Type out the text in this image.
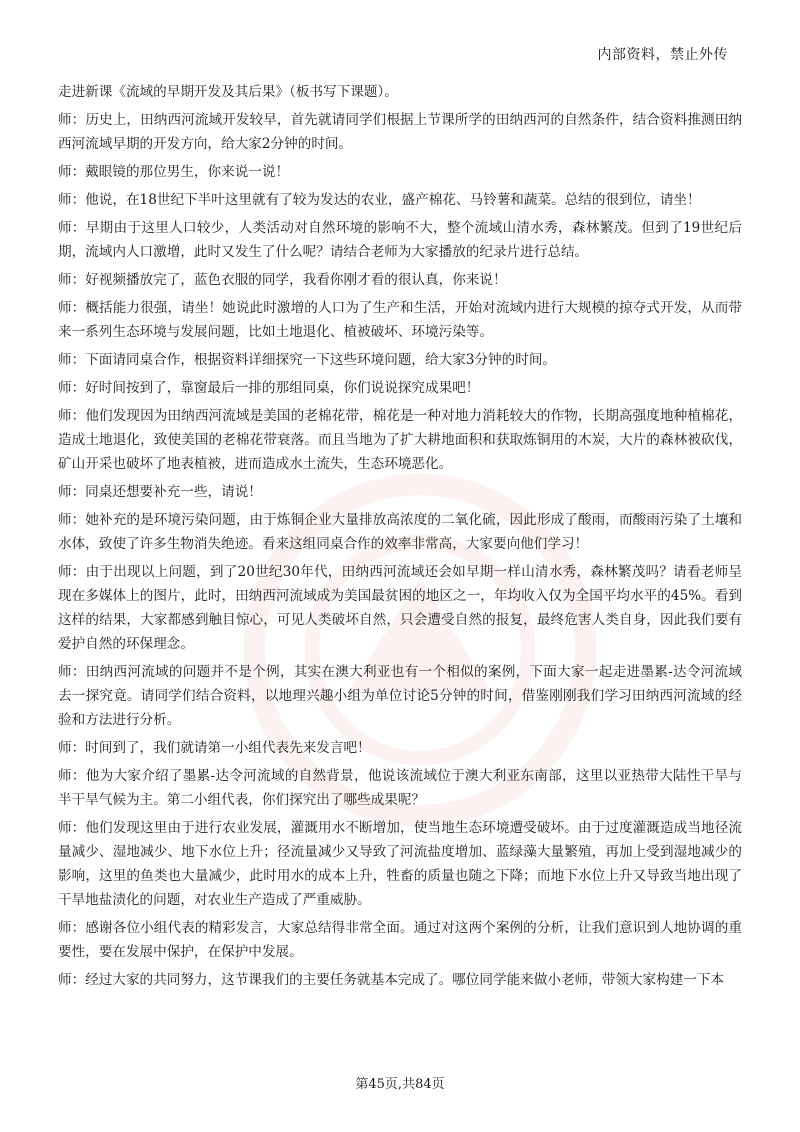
内部资料，禁止外传

走进新课《流域的早期开发及其后果》（板书写下课题）。

师：历史上，田纳西河流域开发较早，首先就请同学们根据上节课所学的田纳西河的自然条件，结合资料推测田纳西河流域早期的开发方向，给大家2分钟的时间。

师：戴眼镜的那位男生，你来说一说！

师：他说，在18世纪下半叶这里就有了较为发达的农业，盛产棉花、马铃薯和蔬菜。总结的很到位，请坐！

师：早期由于这里人口较少，人类活动对自然环境的影响不大，整个流域山清水秀，森林繁茂。但到了19世纪后期，流域内人口激增，此时又发生了什么呢？请结合老师为大家播放的纪录片进行总结。

师：好视频播放完了，蓝色衣服的同学，我看你刚才看的很认真，你来说！

师：概括能力很强，请坐！她说此时激增的人口为了生产和生活，开始对流域内进行大规模的掠夺式开发，从而带来一系列生态环境与发展问题，比如土地退化、植被破坏、环境污染等。

师：下面请同桌合作，根据资料详细探究一下这些环境问题，给大家3分钟的时间。

师：好时间按到了，靠窗最后一排的那组同桌，你们说说探究成果吧！

师：他们发现因为田纳西河流域是美国的老棉花带，棉花是一种对地力消耗较大的作物，长期高强度地种植棉花，造成土地退化，致使美国的老棉花带衰落。而且当地为了扩大耕地面积和获取炼铜用的木炭，大片的森林被砍伐，矿山开采也破坏了地表植被，进而造成水土流失，生态环境恶化。

师：同桌还想要补充一些，请说！

师：她补充的是环境污染问题，由于炼铜企业大量排放高浓度的二氧化硫，因此形成了酸雨，而酸雨污染了土壤和水体，致使了许多生物消失绝迹。看来这组同桌合作的效率非常高，大家要向他们学习！

师：由于出现以上问题，到了20世纪30年代，田纳西河流域还会如早期一样山清水秀，森林繁茂吗？请看老师呈现在多媒体上的图片，此时，田纳西河流域成为美国最贫困的地区之一，年均收入仅为全国平均水平的45%。看到这样的结果，大家都感到触目惊心，可见人类破坏自然，只会遭受自然的报复，最终危害人类自身，因此我们要有爱护自然的环保理念。

师：田纳西河流域的问题并不是个例，其实在澳大利亚也有一个相似的案例，下面大家一起走进墨累-达令河流域去一探究竟。请同学们结合资料，以地理兴趣小组为单位讨论5分钟的时间，借鉴刚刚我们学习田纳西河流域的经验和方法进行分析。

师：时间到了，我们就请第一小组代表先来发言吧！

师：他为大家介绍了墨累-达令河流域的自然背景，他说该流域位于澳大利亚东南部，这里以亚热带大陆性干旱与半干旱气候为主。第二小组代表，你们探究出了哪些成果呢？

师：他们发现这里由于进行农业发展，灌溉用水不断增加，使当地生态环境遭受破坏。由于过度灌溉造成当地径流量减少、湿地减少、地下水位上升；径流量减少又导致了河流盐度增加、蓝绿藻大量繁殖，再加上受到湿地减少的影响，这里的鱼类也大量减少，此时用水的成本上升，牲畜的质量也随之下降；而地下水位上升又导致当地出现了干旱地盐渍化的问题，对农业生产造成了严重威胁。

师：感谢各位小组代表的精彩发言，大家总结得非常全面。通过对这两个案例的分析，让我们意识到人地协调的重要性，要在发展中保护，在保护中发展。

师：经过大家的共同努力，这节课我们的主要任务就基本完成了。哪位同学能来做小老师，带领大家构建一下本

第45页,共84页
